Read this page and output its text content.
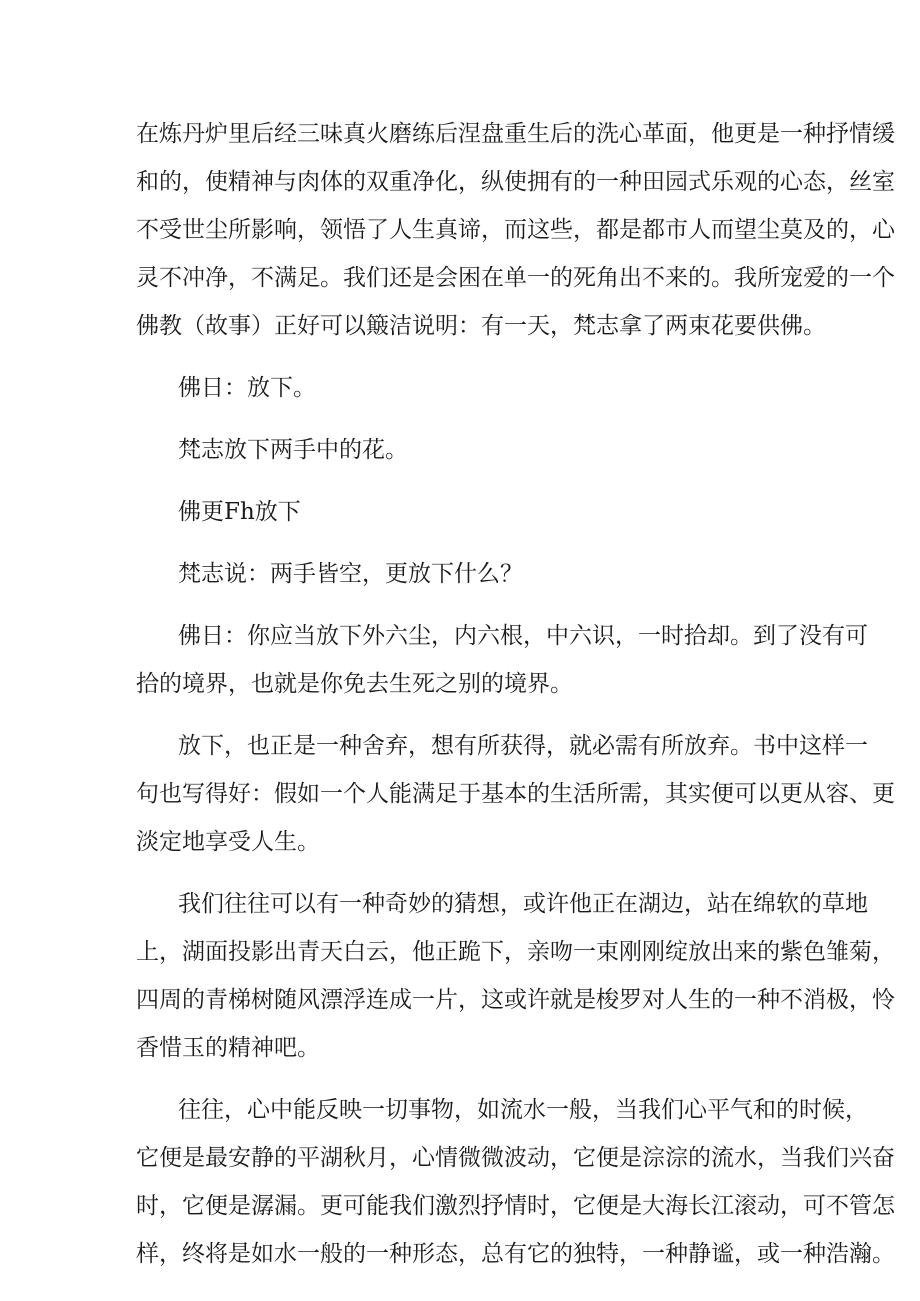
在炼丹炉里后经三味真火磨练后涅盘重生后的洗心革面，他更是一种抒情缓
和的，使精神与肉体的双重净化，纵使拥有的一种田园式乐观的心态，丝室
不受世尘所影响，领悟了人生真谛，而这些，都是都市人而望尘莫及的，心
灵不冲净，不满足。我们还是会困在单一的死角出不来的。我所宠爱的一个
佛教（故事）正好可以簸洁说明：有一天，梵志拿了两束花要供佛。
佛日：放下。
梵志放下两手中的花。
佛更Fh放下
梵志说：两手皆空，更放下什么？
佛日：你应当放下外六尘，内六根，中六识，一时拾却。到了没有可
拾的境界，也就是你免去生死之别的境界。
放下，也正是一种舍弃，想有所获得，就必需有所放弃。书中这样一
句也写得好：假如一个人能满足于基本的生活所需，其实便可以更从容、更
淡定地享受人生。
我们往往可以有一种奇妙的猜想，或许他正在湖边，站在绵软的草地
上，湖面投影出青天白云，他正跪下，亲吻一束刚刚绽放出来的紫色雏菊，
四周的青梯树随风漂浮连成一片，这或许就是梭罗对人生的一种不消极，怜
香惜玉的精神吧。
往往，心中能反映一切事物，如流水一般，当我们心平气和的时候，
它便是最安静的平湖秋月，心情微微波动，它便是淙淙的流水，当我们兴奋
时，它便是潺漏。更可能我们激烈抒情时，它便是大海长江滚动，可不管怎
样，终将是如水一般的一种形态，总有它的独特，一种静谧，或一种浩瀚。
